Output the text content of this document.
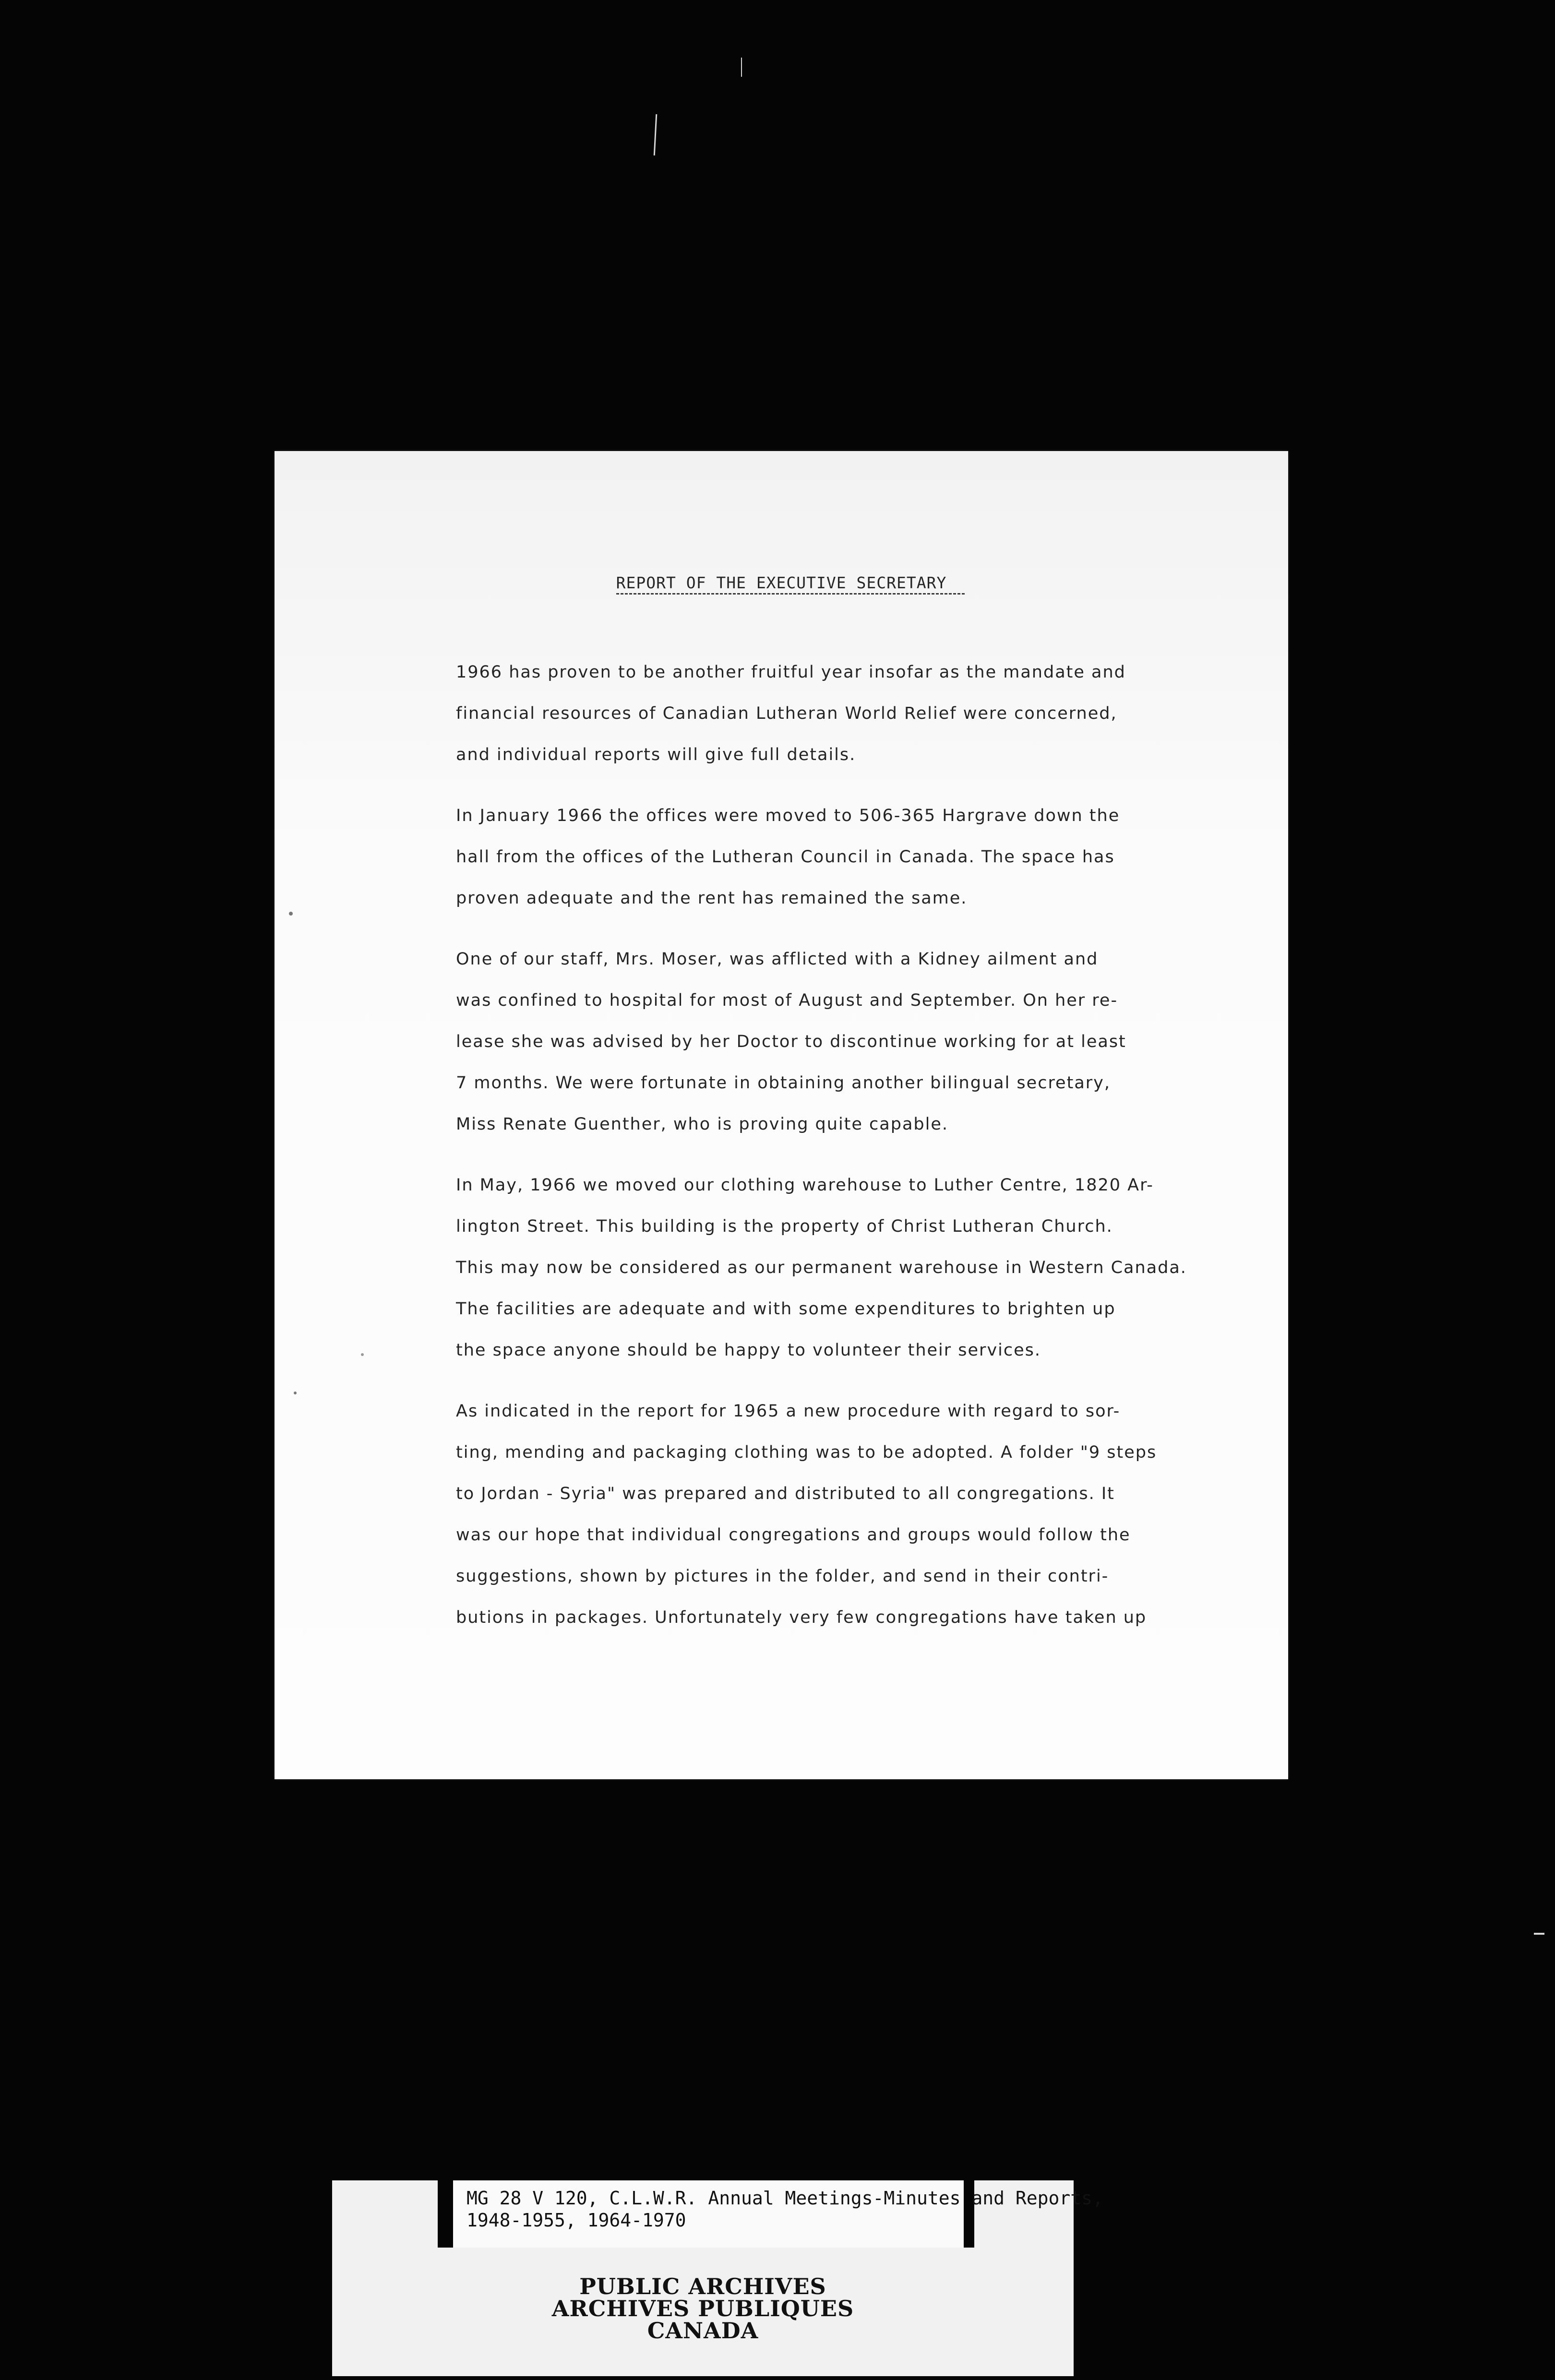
REPORT OF THE EXECUTIVE SECRETARY
1966 has proven to be another fruitful year insofar as the mandate and
financial resources of Canadian Lutheran World Relief were concerned,
and individual reports will give full details.
In January 1966 the offices were moved to 506-365 Hargrave down the
hall from the offices of the Lutheran Council in Canada. The space has
proven adequate and the rent has remained the same.
One of our staff, Mrs. Moser, was afflicted with a Kidney ailment and
was confined to hospital for most of August and September. On her re-
lease she was advised by her Doctor to discontinue working for at least
7 months. We were fortunate in obtaining another bilingual secretary,
Miss Renate Guenther, who is proving quite capable.
In May, 1966 we moved our clothing warehouse to Luther Centre, 1820 Ar-
lington Street. This building is the property of Christ Lutheran Church.
This may now be considered as our permanent warehouse in Western Canada.
The facilities are adequate and with some expenditures to brighten up
the space anyone should be happy to volunteer their services.
As indicated in the report for 1965 a new procedure with regard to sor-
ting, mending and packaging clothing was to be adopted. A folder "9 steps
to Jordan - Syria" was prepared and distributed to all congregations. It
was our hope that individual congregations and groups would follow the
suggestions, shown by pictures in the folder, and send in their contri-
butions in packages. Unfortunately very few congregations have taken up
MG 28 V 120, C.L.W.R. Annual Meetings-Minutes and Reports,
1948-1955, 1964-1970
PUBLIC ARCHIVES
ARCHIVES PUBLIQUES
CANADA
